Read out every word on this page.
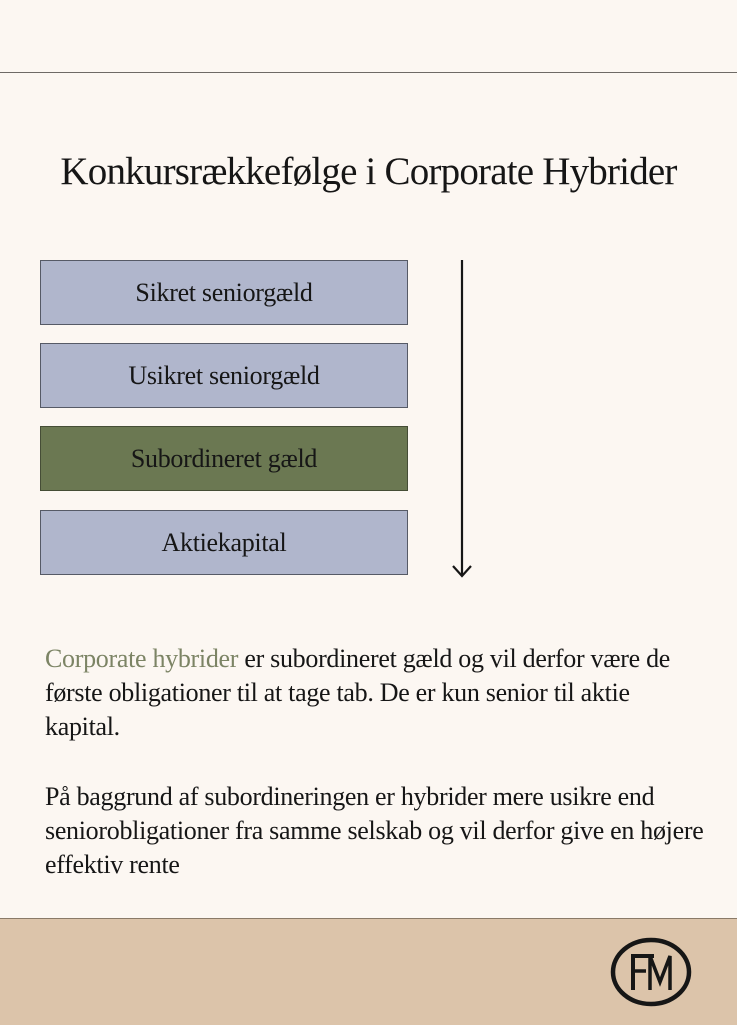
Konkursrækkefølge i Corporate Hybrider
Sikret seniorgæld
Usikret seniorgæld
Subordineret gæld
Aktiekapital

Corporate hybrider er subordineret gæld og vil derfor være de første obligationer til at tage tab. De er kun senior til aktie kapital.

På baggrund af subordineringen er hybrider mere usikre end seniorobligationer fra samme selskab og vil derfor give en højere effektiv rente
